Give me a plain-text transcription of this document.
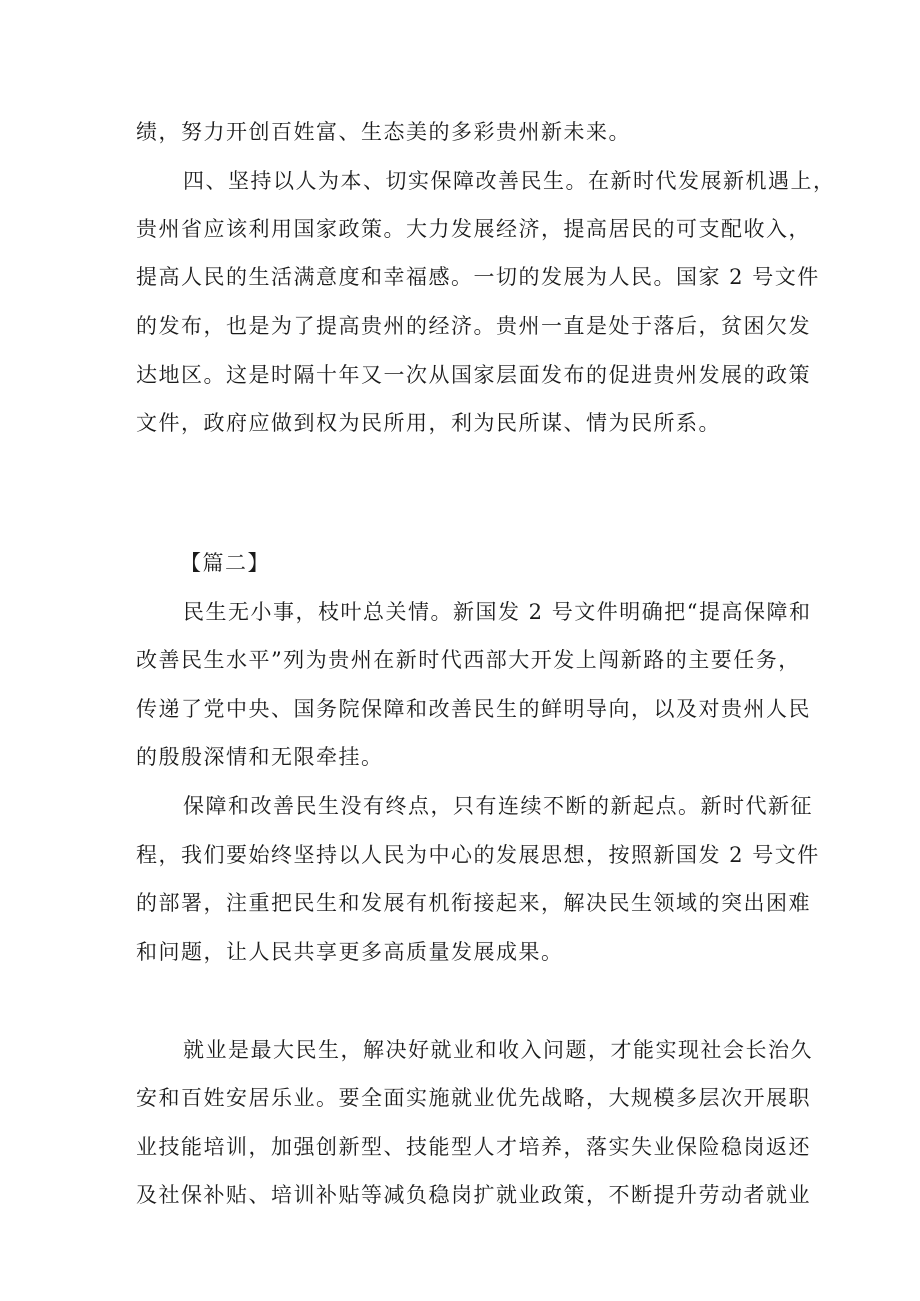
绩，努力开创百姓富、生态美的多彩贵州新未来。
四、坚持以人为本、切实保障改善民生。在新时代发展新机遇上，
贵州省应该利用国家政策。大力发展经济，提高居民的可支配收入，
提高人民的生活满意度和幸福感。一切的发展为人民。国家 2 号文件
的发布，也是为了提高贵州的经济。贵州一直是处于落后，贫困欠发
达地区。这是时隔十年又一次从国家层面发布的促进贵州发展的政策
文件，政府应做到权为民所用，利为民所谋、情为民所系。
【篇二】
民生无小事，枝叶总关情。新国发 2 号文件明确把“提高保障和
改善民生水平”列为贵州在新时代西部大开发上闯新路的主要任务，
传递了党中央、国务院保障和改善民生的鲜明导向，以及对贵州人民
的殷殷深情和无限牵挂。
保障和改善民生没有终点，只有连续不断的新起点。新时代新征
程，我们要始终坚持以人民为中心的发展思想，按照新国发 2 号文件
的部署，注重把民生和发展有机衔接起来，解决民生领域的突出困难
和问题，让人民共享更多高质量发展成果。
就业是最大民生，解决好就业和收入问题，才能实现社会长治久
安和百姓安居乐业。要全面实施就业优先战略，大规模多层次开展职
业技能培训，加强创新型、技能型人才培养，落实失业保险稳岗返还
及社保补贴、培训补贴等减负稳岗扩就业政策，不断提升劳动者就业
